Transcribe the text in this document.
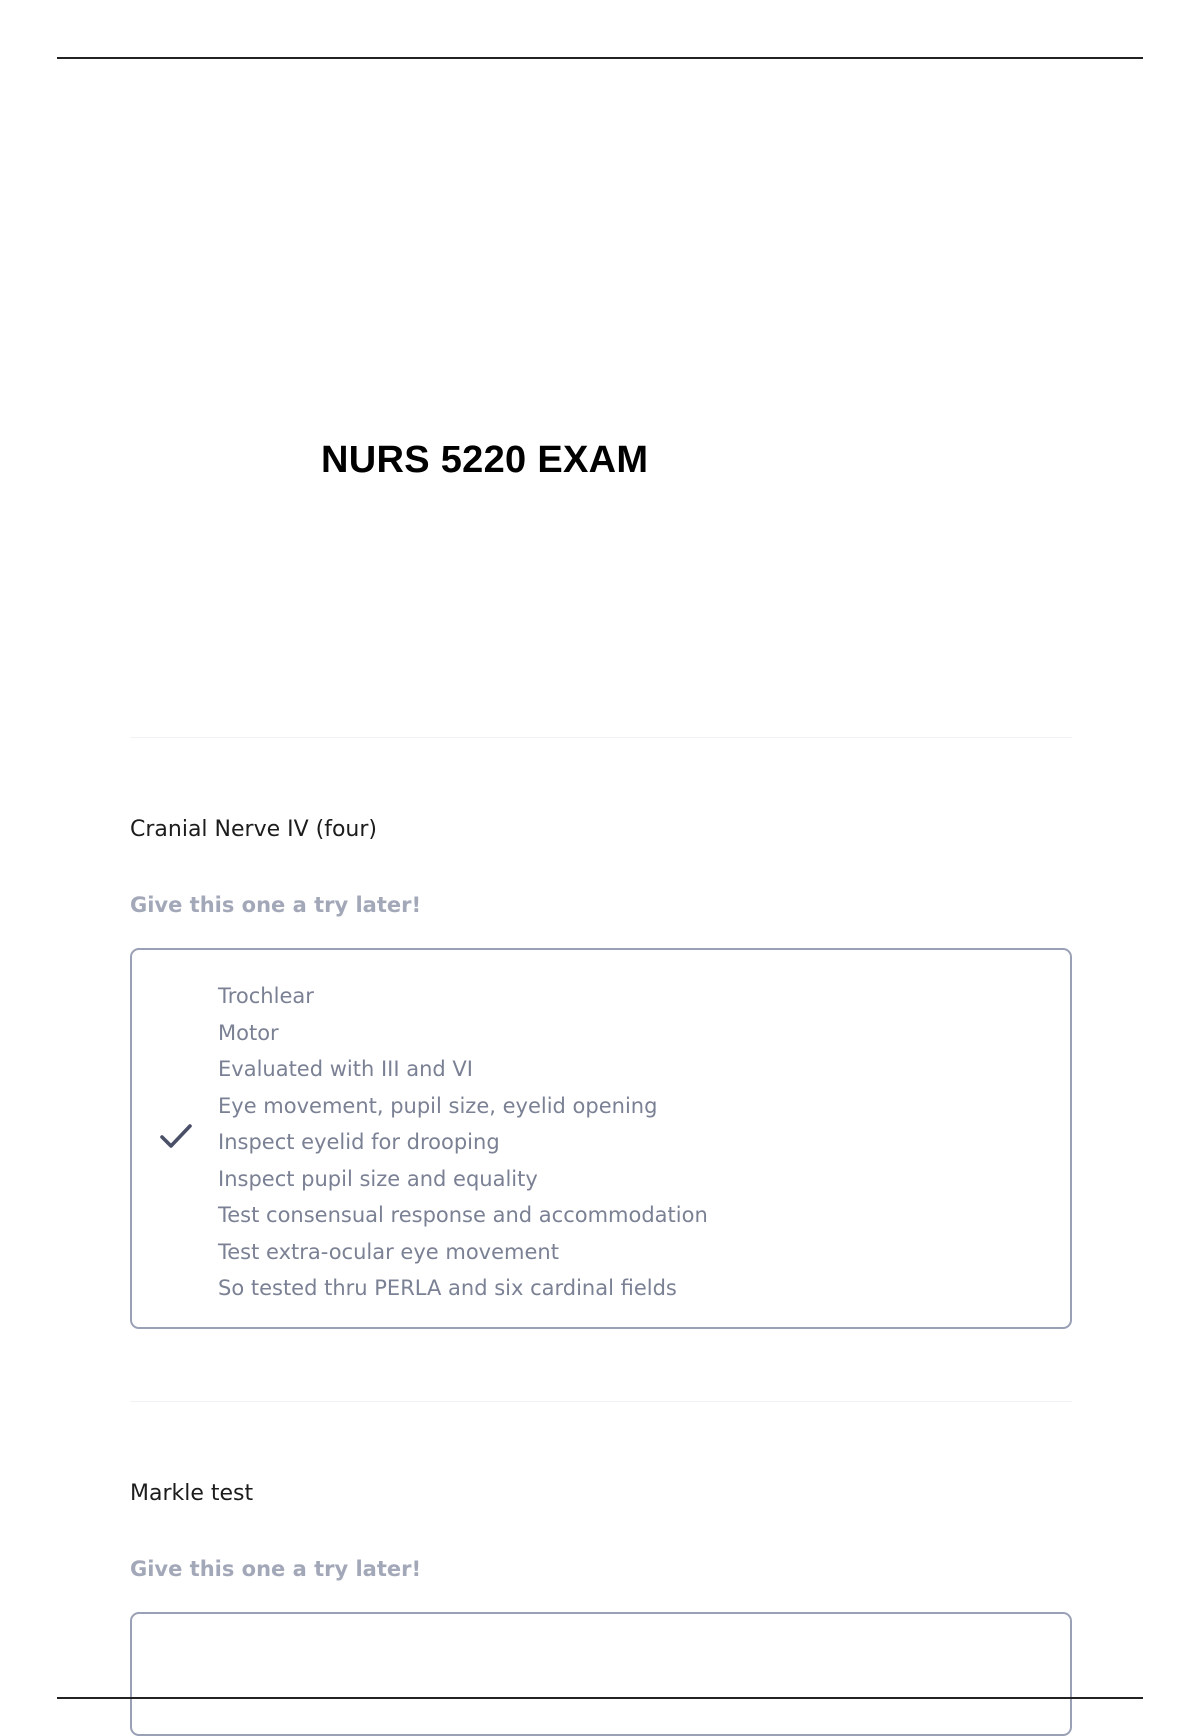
NURS 5220 EXAM

Cranial Nerve IV (four)

Give this one a try later!
Trochlear
Motor
Evaluated with III and VI
Eye movement, pupil size, eyelid opening
Inspect eyelid for drooping
Inspect pupil size and equality
Test consensual response and accommodation
Test extra-ocular eye movement
So tested thru PERLA and six cardinal fields

Markle test

Give this one a try later!
